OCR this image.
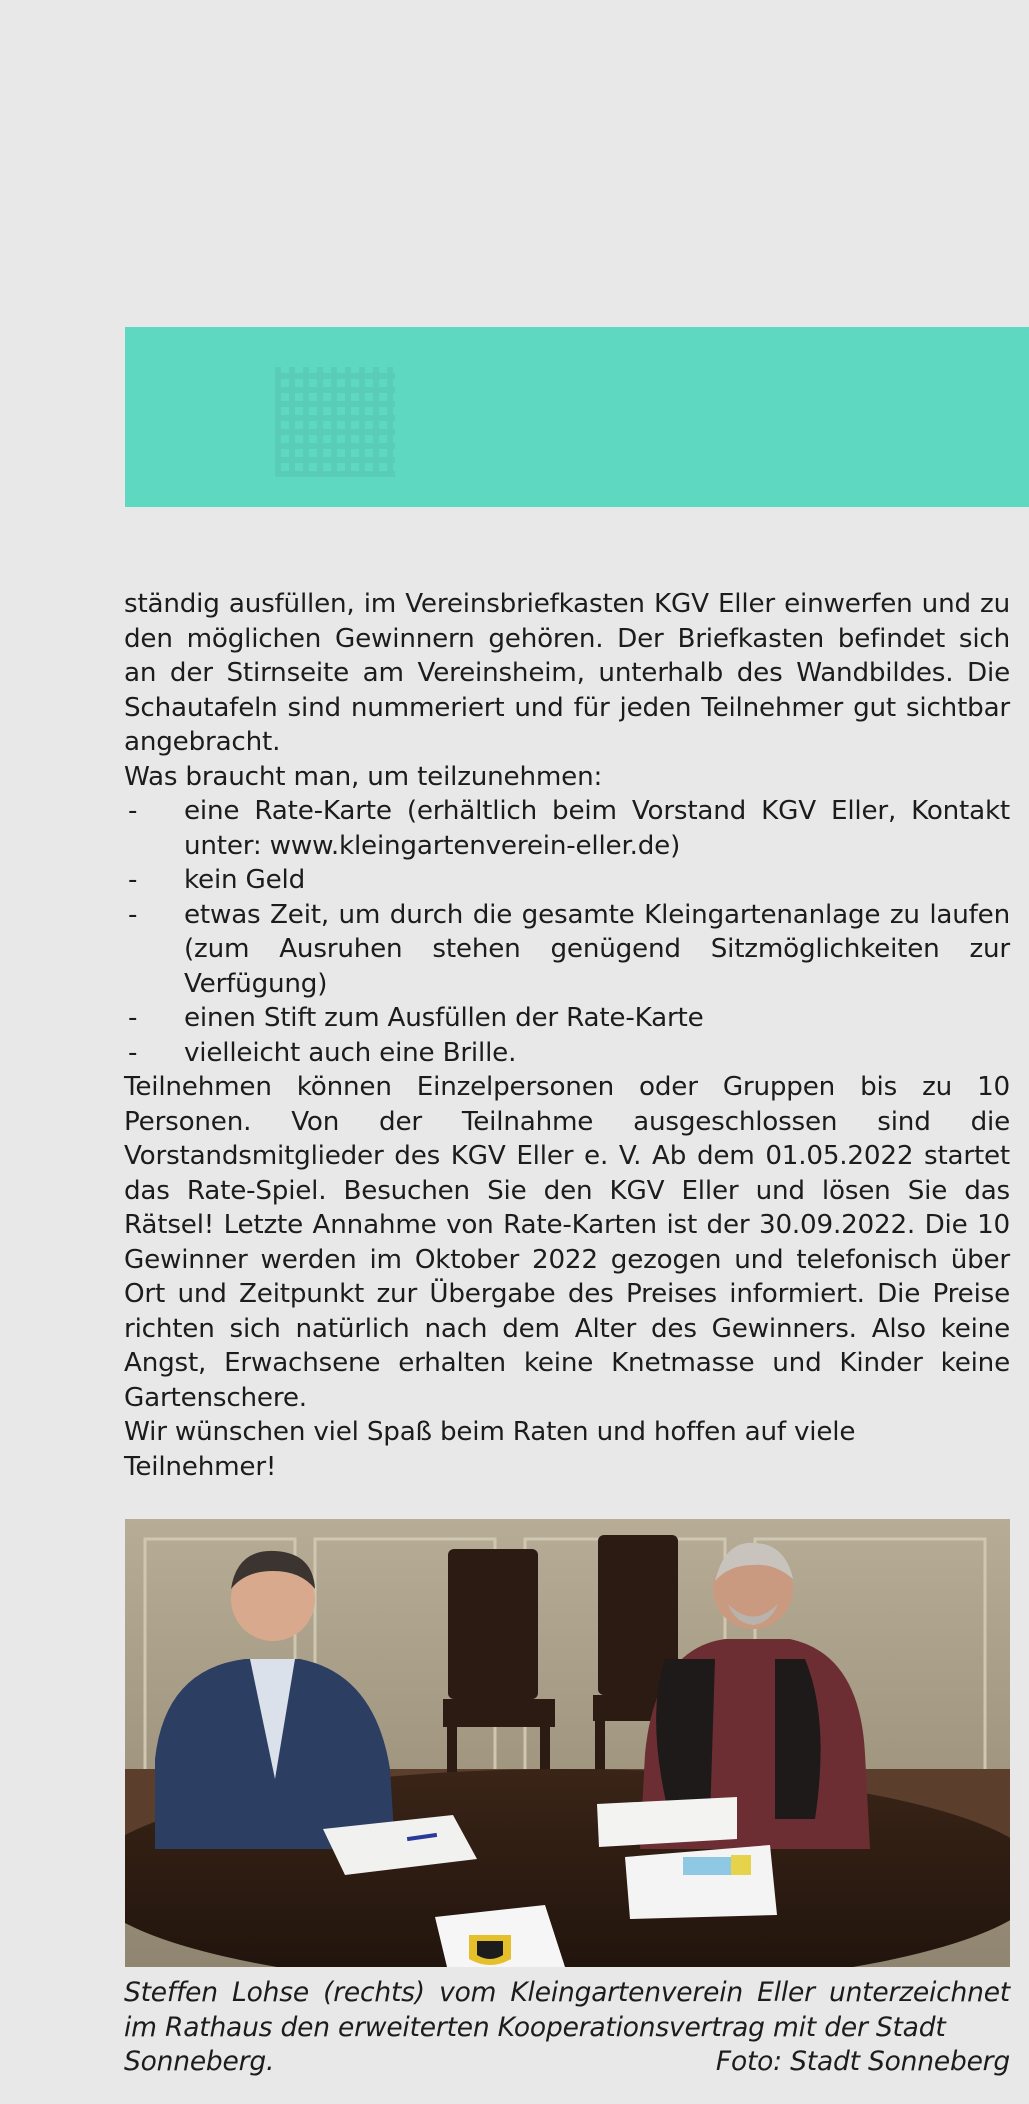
ständig ausfüllen, im Vereinsbriefkasten KGV Eller einwerfen und zu den möglichen Gewinnern gehören. Der Briefkasten befindet sich an der Stirnseite am Vereinsheim, unterhalb des Wandbildes. Die Schautafeln sind nummeriert und für jeden Teilnehmer gut sichtbar angebracht.

Was braucht man, um teilzunehmen:

- eine Rate-Karte (erhältlich beim Vorstand KGV Eller, Kontakt unter: www.kleingartenverein-eller.de)
- kein Geld
- etwas Zeit, um durch die gesamte Kleingartenanlage zu laufen (zum Ausruhen stehen genügend Sitzmöglichkeiten zur Verfügung)
- einen Stift zum Ausfüllen der Rate-Karte
- vielleicht auch eine Brille.

Teilnehmen können Einzelpersonen oder Gruppen bis zu 10 Personen. Von der Teilnahme ausgeschlossen sind die Vorstandsmitglieder des KGV Eller e. V. Ab dem 01.05.2022 startet das Rate-Spiel. Besuchen Sie den KGV Eller und lösen Sie das Rätsel! Letzte Annahme von Rate-Karten ist der 30.09.2022. Die 10 Gewinner werden im Oktober 2022 gezogen und telefonisch über Ort und Zeitpunkt zur Übergabe des Preises informiert. Die Preise richten sich natürlich nach dem Alter des Gewinners. Also keine Angst, Erwachsene erhalten keine Knetmasse und Kinder keine Gartenschere.

Wir wünschen viel Spaß beim Raten und hoffen auf viele Teilnehmer!

Steffen Lohse (rechts) vom Kleingartenverein Eller unterzeichnet im Rathaus den erweiterten Kooperationsvertrag mit der Stadt

Sonneberg.	Foto: Stadt Sonneberg
